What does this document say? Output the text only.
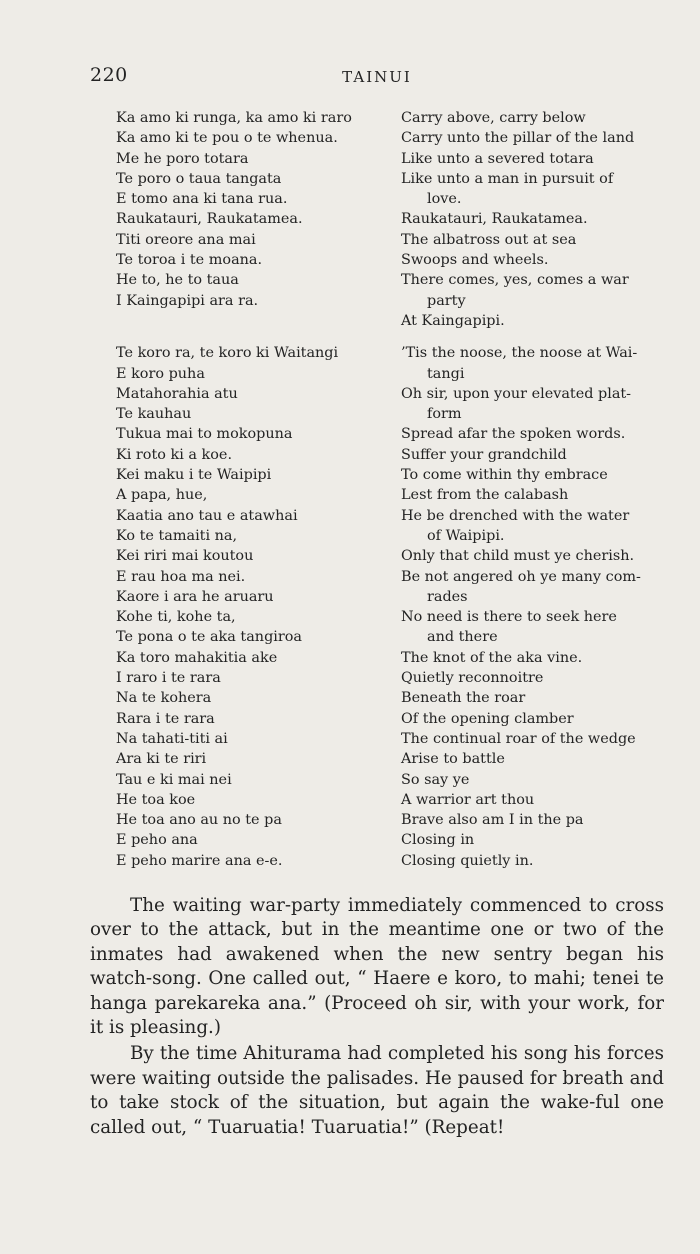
220	TAINUI
Ka amo ki runga, ka amo ki raro
Ka amo ki te pou o te whenua.
Me he poro totara
Te poro o taua tangata
E tomo ana ki tana rua.
Raukatauri, Raukatamea.
Titi oreore ana mai
Te toroa i te moana.
He to, he to taua
I Kaingapipi ara ra.
Carry above, carry below
Carry unto the pillar of the land
Like unto a severed totara
Like unto a man in pursuit of
love.
Raukatauri, Raukatamea.
The albatross out at sea
Swoops and wheels.
There comes, yes, comes a war
party
At Kaingapipi.
Te koro ra, te koro ki Waitangi
E koro puha
Matahorahia atu
Te kauhau
Tukua mai to mokopuna
Ki roto ki a koe.
Kei maku i te Waipipi
A papa, hue,
Kaatia ano tau e atawhai
Ko te tamaiti na,
Kei riri mai koutou
E rau hoa ma nei.
Kaore i ara he aruaru
Kohe ti, kohe ta,
Te pona o te aka tangiroa
Ka toro mahakitia ake
I raro i te rara
Na te kohera
Rara i te rara
Na tahati-titi ai
Ara ki te riri
Tau e ki mai nei
He toa koe
He toa ano au no te pa
E peho ana
E peho marire ana e-e.
’Tis the noose, the noose at Wai-
tangi
Oh sir, upon your elevated plat-
form
Spread afar the spoken words.
Suffer your grandchild
To come within thy embrace
Lest from the calabash
He be drenched with the water
of Waipipi.
Only that child must ye cherish.
Be not angered oh ye many com-
rades
No need is there to seek here
and there
The knot of the aka vine.
Quietly reconnoitre
Beneath the roar
Of the opening clamber
The continual roar of the wedge
Arise to battle
So say ye
A warrior art thou
Brave also am I in the pa
Closing in
Closing quietly in.

The waiting war-party immediately commenced to cross over to the attack, but in the meantime one or two of the inmates had awakened when the new sentry began his watch-song. One called out, “ Haere e koro, to mahi; tenei te hanga parekareka ana.” (Proceed oh sir, with your work, for it is pleasing.)

By the time Ahiturama had completed his song his forces were waiting outside the palisades. He paused for breath and to take stock of the situation, but again the wake-ful one called out, “ Tuaruatia! Tuaruatia!” (Repeat!
